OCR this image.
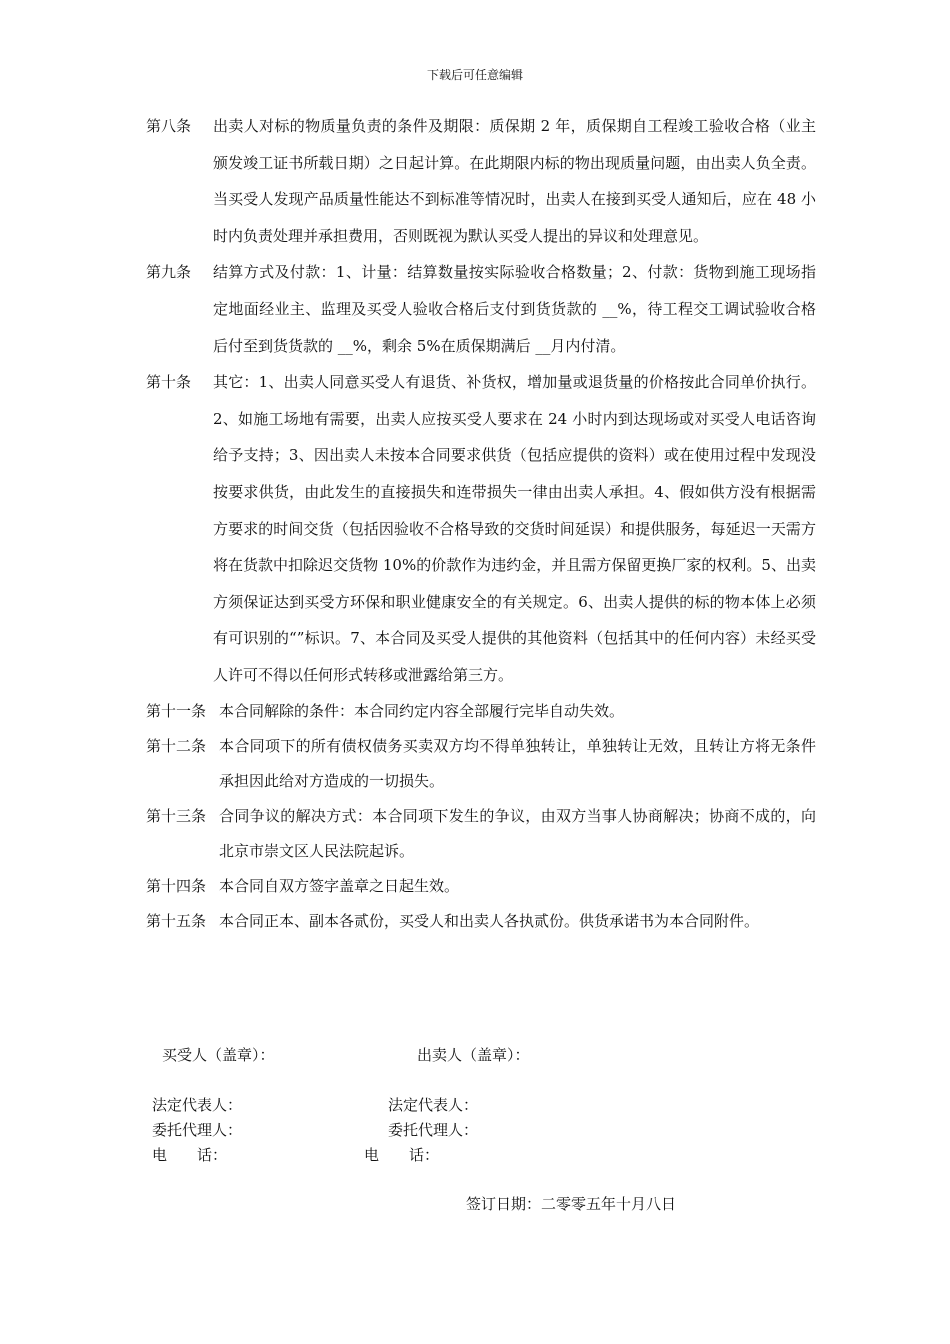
下载后可任意编辑
第八条	出卖人对标的物质量负责的条件及期限：质保期 2 年，质保期自工程竣工验收合格（业主颁发竣工证书所载日期）之日起计算。在此期限内标的物出现质量问题，由出卖人负全责。当买受人发现产品质量性能达不到标准等情况时，出卖人在接到买受人通知后，应在 48 小时内负责处理并承担费用，否则既视为默认买受人提出的异议和处理意见。
第九条	结算方式及付款：1、计量：结算数量按实际验收合格数量；2、付款：货物到施工现场指定地面经业主、监理及买受人验收合格后支付到货货款的 __%，待工程交工调试验收合格后付至到货货款的 __%，剩余 5%在质保期满后 __月内付清。
第十条	其它：1、出卖人同意买受人有退货、补货权，增加量或退货量的价格按此合同单价执行。2、如施工场地有需要，出卖人应按买受人要求在 24 小时内到达现场或对买受人电话咨询给予支持；3、因出卖人未按本合同要求供货（包括应提供的资料）或在使用过程中发现没按要求供货，由此发生的直接损失和连带损失一律由出卖人承担。4、假如供方没有根据需方要求的时间交货（包括因验收不合格导致的交货时间延误）和提供服务，每延迟一天需方将在货款中扣除迟交货物 10%的价款作为违约金，并且需方保留更换厂家的权利。5、出卖方须保证达到买受方环保和职业健康安全的有关规定。6、出卖人提供的标的物本体上必须有可识别的“”标识。7、本合同及买受人提供的其他资料（包括其中的任何内容）未经买受人许可不得以任何形式转移或泄露给第三方。
第十一条 本合同解除的条件：本合同约定内容全部履行完毕自动失效。
第十二条 本合同项下的所有债权债务买卖双方均不得单独转让，单独转让无效，且转让方将无条件承担因此给对方造成的一切损失。
第十三条 合同争议的解决方式：本合同项下发生的争议，由双方当事人协商解决；协商不成的，向北京市崇文区人民法院起诉。
第十四条 本合同自双方签字盖章之日起生效。
第十五条 本合同正本、副本各贰份，买受人和出卖人各执贰份。供货承诺书为本合同附件。
买受人（盖章）：	出卖人（盖章）：
法定代表人：	法定代表人：
委托代理人：	委托代理人：
电　　话：	电　　话：
签订日期：二零零五年十月八日
